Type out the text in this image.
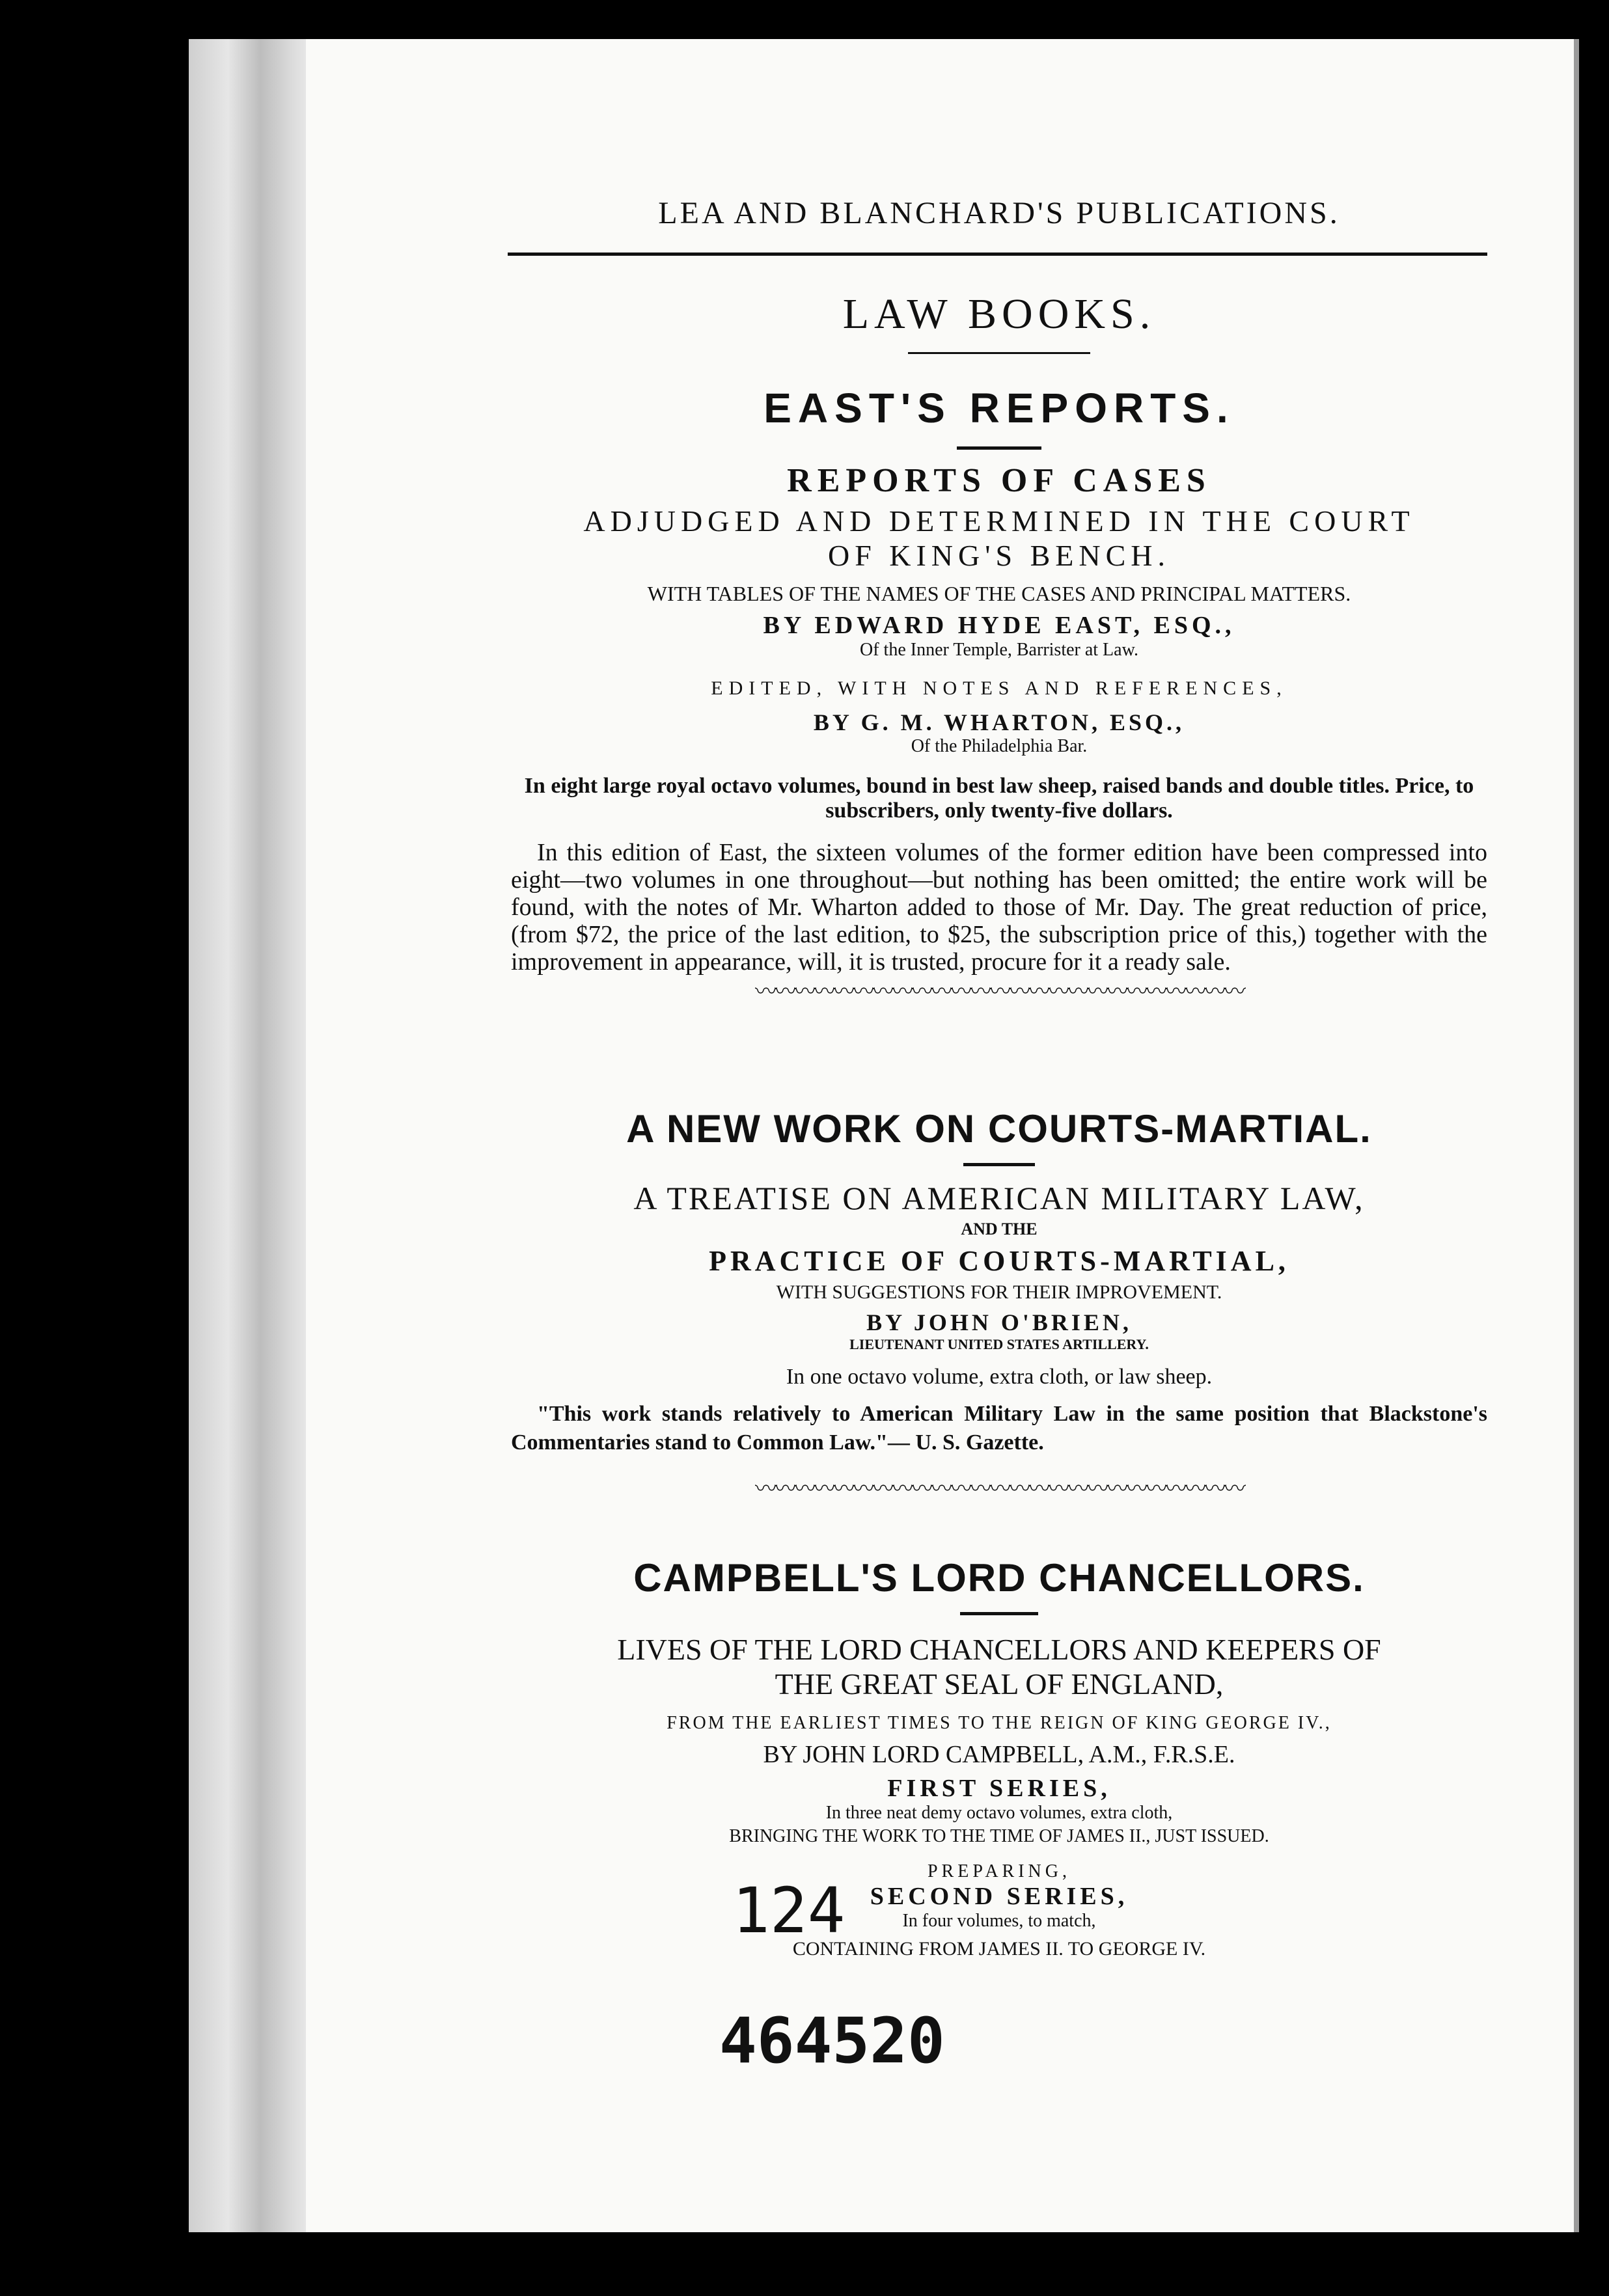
LEA AND BLANCHARD'S PUBLICATIONS.

LAW BOOKS.

EAST'S REPORTS.

REPORTS OF CASES

ADJUDGED AND DETERMINED IN THE COURT

OF KING'S BENCH.

WITH TABLES OF THE NAMES OF THE CASES AND PRINCIPAL MATTERS.

BY EDWARD HYDE EAST, ESQ.,

Of the Inner Temple, Barrister at Law.

EDITED, WITH NOTES AND REFERENCES,

BY G. M. WHARTON, ESQ.,

Of the Philadelphia Bar.

In eight large royal octavo volumes, bound in best law sheep, raised bands and double titles. Price, to subscribers, only twenty-five dollars.

In this edition of East, the sixteen volumes of the former edition have been compressed into eight—two volumes in one throughout—but nothing has been omitted; the entire work will be found, with the notes of Mr. Wharton added to those of Mr. Day. The great reduction of price, (from $72, the price of the last edition, to $25, the subscription price of this,) together with the improvement in appearance, will, it is trusted, procure for it a ready sale.

〰〰〰〰〰〰〰〰〰〰〰〰〰〰〰〰〰〰〰〰〰〰〰〰〰

A NEW WORK ON COURTS-MARTIAL.

A TREATISE ON AMERICAN MILITARY LAW,

AND THE

PRACTICE OF COURTS-MARTIAL,

WITH SUGGESTIONS FOR THEIR IMPROVEMENT.

BY JOHN O'BRIEN,

LIEUTENANT UNITED STATES ARTILLERY.

In one octavo volume, extra cloth, or law sheep.

"This work stands relatively to American Military Law in the same position that Blackstone's Commentaries stand to Common Law."— U. S. Gazette.

〰〰〰〰〰〰〰〰〰〰〰〰〰〰〰〰〰〰〰〰〰〰〰〰〰

CAMPBELL'S LORD CHANCELLORS.

LIVES OF THE LORD CHANCELLORS AND KEEPERS OF

THE GREAT SEAL OF ENGLAND,

FROM THE EARLIEST TIMES TO THE REIGN OF KING GEORGE IV.,

BY JOHN LORD CAMPBELL, A.M., F.R.S.E.

FIRST SERIES,

In three neat demy octavo volumes, extra cloth,

BRINGING THE WORK TO THE TIME OF JAMES II., JUST ISSUED.

PREPARING,

SECOND SERIES,

In four volumes, to match,

CONTAINING FROM JAMES II. TO GEORGE IV.

124
464520
